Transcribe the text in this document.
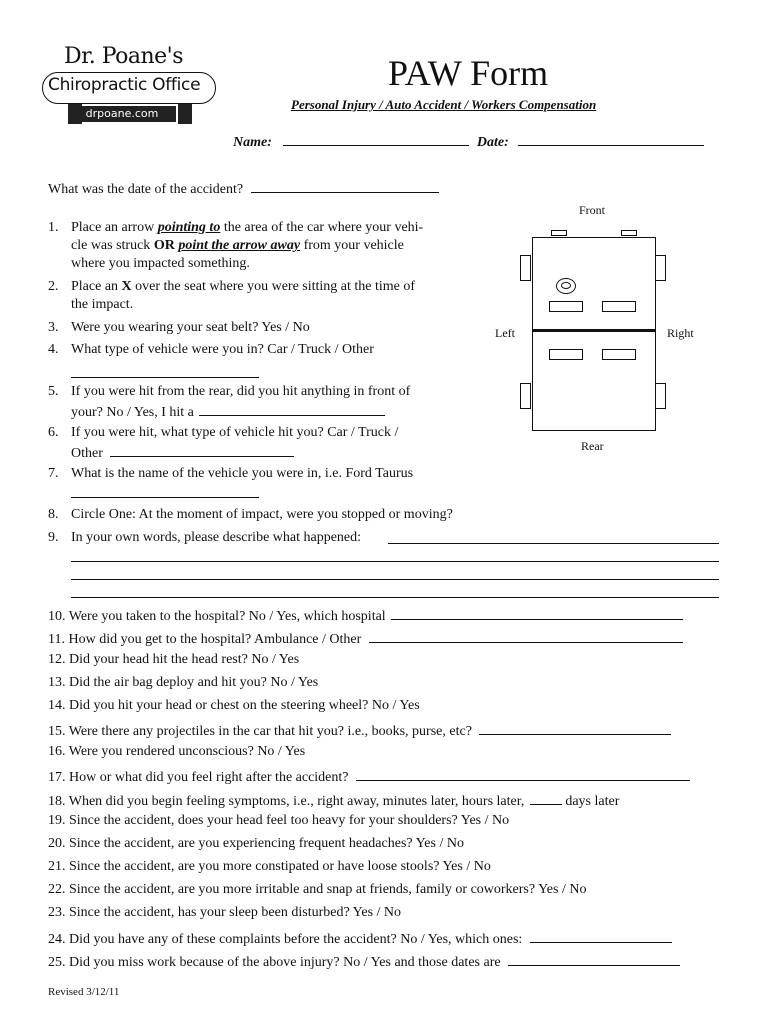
Dr. Poane's
Chiropractic Office
drpoane.com
PAW Form
Personal Injury / Auto Accident / Workers Compensation
Name:	Date:
What was the date of the accident?
1. Place an arrow pointing to the area of the car where your vehi-
cle was struck OR point the arrow away from your vehicle
where you impacted something.
2. Place an X over the seat where you were sitting at the time of
the impact.
3. Were you wearing your seat belt? Yes / No
4. What type of vehicle were you in? Car / Truck / Other
5. If you were hit from the rear, did you hit anything in front of
your? No / Yes, I hit a
6. If you were hit, what type of vehicle hit you? Car / Truck /
Other
7. What is the name of the vehicle you were in, i.e. Ford Taurus
8. Circle One: At the moment of impact, were you stopped or moving?
9. In your own words, please describe what happened:
10. Were you taken to the hospital? No / Yes, which hospital
11. How did you get to the hospital? Ambulance / Other
12. Did your head hit the head rest? No / Yes
13. Did the air bag deploy and hit you? No / Yes
14. Did you hit your head or chest on the steering wheel? No / Yes
15. Were there any projectiles in the car that hit you? i.e., books, purse, etc?
16. Were you rendered unconscious? No / Yes
17. How or what did you feel right after the accident?
18. When did you begin feeling symptoms, i.e., right away, minutes later, hours later,	days later
19. Since the accident, does your head feel too heavy for your shoulders? Yes / No
20. Since the accident, are you experiencing frequent headaches? Yes / No
21. Since the accident, are you more constipated or have loose stools? Yes / No
22. Since the accident, are you more irritable and snap at friends, family or coworkers? Yes / No
23. Since the accident, has your sleep been disturbed? Yes / No
24. Did you have any of these complaints before the accident? No / Yes, which ones:
25. Did you miss work because of the above injury? No / Yes and those dates are
Revised 3/12/11
Front
Left	Right
Rear
